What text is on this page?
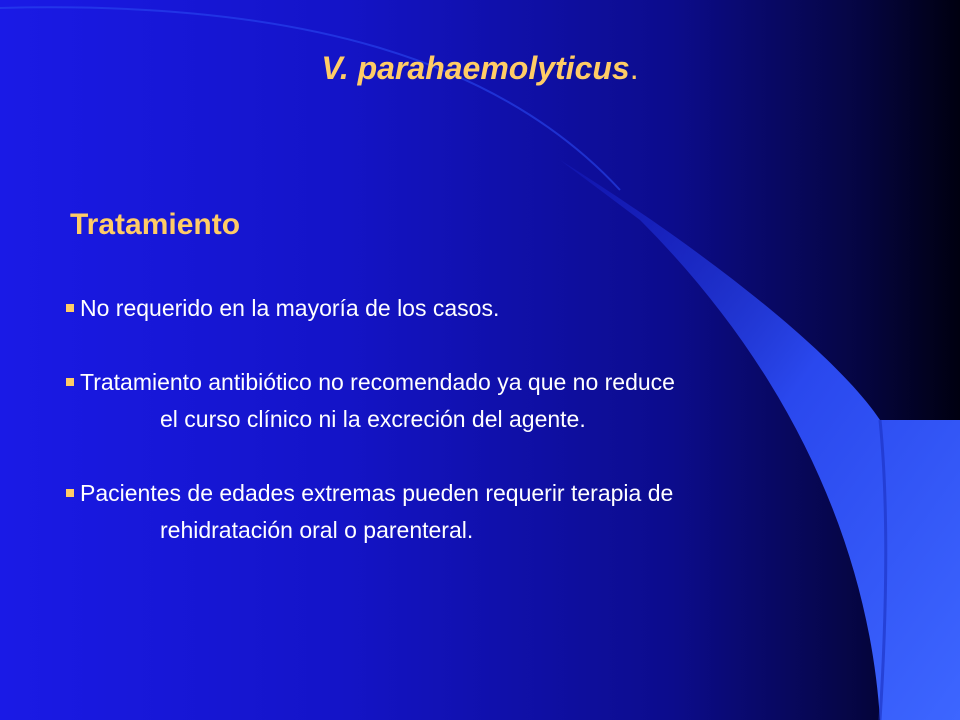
V. parahaemolyticus.
Tratamiento
No requerido en la mayoría de los casos.
Tratamiento antibiótico no recomendado ya que no reduce
el curso clínico ni la excreción del agente.
Pacientes de edades extremas pueden requerir terapia de
rehidratación oral o parenteral.
